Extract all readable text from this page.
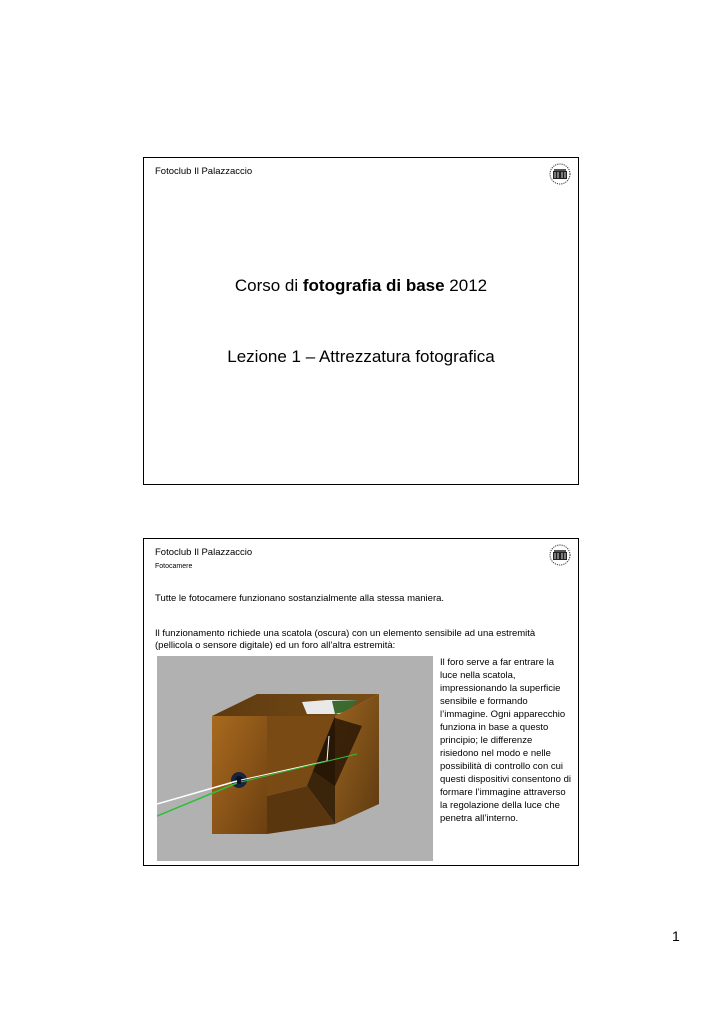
Fotoclub Il Palazzaccio
Corso di fotografia di base 2012
Lezione 1 – Attrezzatura fotografica
Fotoclub Il Palazzaccio
Fotocamere
Tutte le fotocamere funzionano sostanzialmente alla stessa maniera.
Il funzionamento richiede una scatola (oscura) con un elemento sensibile ad una estremità (pellicola o sensore digitale) ed un foro all’altra estremità:
Il foro serve a far entrare la luce nella scatola, impressionando la superficie sensibile e formando l’immagine. Ogni apparecchio funziona in base a questo principio; le differenze risiedono nel modo e nelle possibilità di controllo con cui questi dispositivi consentono di formare l’immagine attraverso la regolazione della luce che penetra all’interno.
1
